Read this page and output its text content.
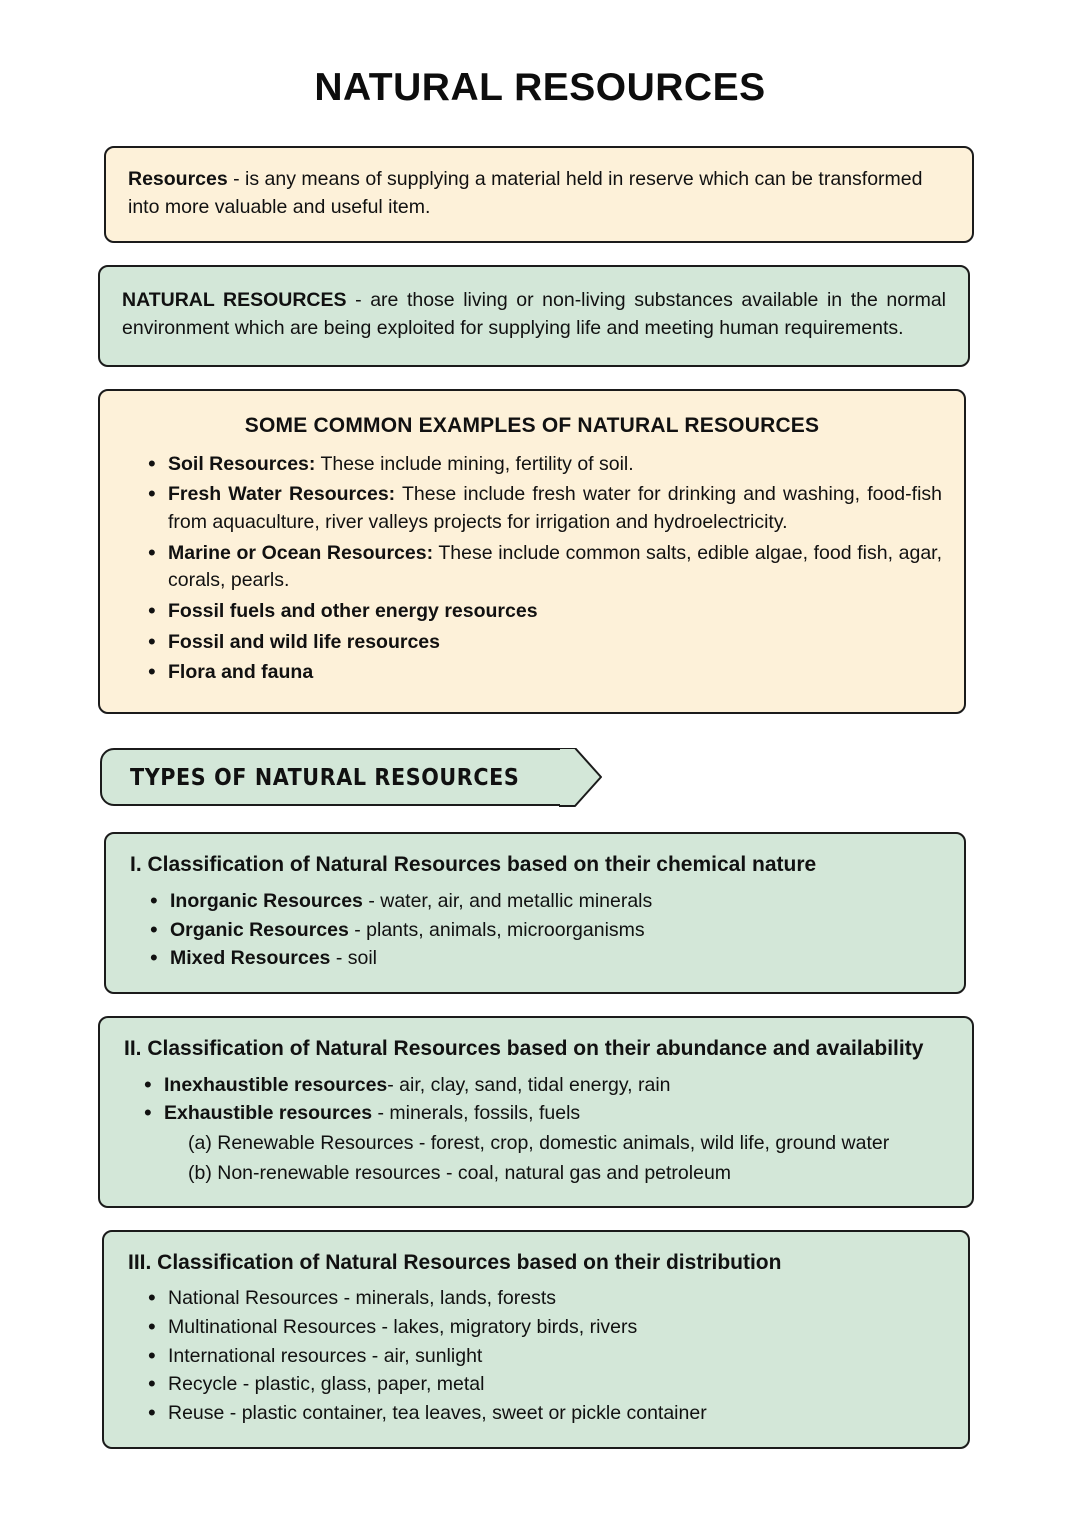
NATURAL RESOURCES
Resources - is any means of supplying a material held in reserve which can be transformed into more valuable and useful item.
NATURAL RESOURCES - are those living or non-living substances available in the normal environment which are being exploited for supplying life and meeting human requirements.
SOME COMMON EXAMPLES OF NATURAL RESOURCES
• Soil Resources: These include mining, fertility of soil.
• Fresh Water Resources: These include fresh water for drinking and washing, food-fish from aquaculture, river valleys projects for irrigation and hydroelectricity.
• Marine or Ocean Resources: These include common salts, edible algae, food fish, agar, corals, pearls.
• Fossil fuels and other energy resources
• Fossil and wild life resources
• Flora and fauna
TYPES OF NATURAL RESOURCES
I. Classification of Natural Resources based on their chemical nature
• Inorganic Resources - water, air, and metallic minerals
• Organic Resources - plants, animals, microorganisms
• Mixed Resources - soil
II. Classification of Natural Resources based on their abundance and availability
• Inexhaustible resources- air, clay, sand, tidal energy, rain
• Exhaustible resources - minerals, fossils, fuels
(a) Renewable Resources - forest, crop, domestic animals, wild life, ground water
(b) Non-renewable resources - coal, natural gas and petroleum
III. Classification of Natural Resources based on their distribution
• National Resources - minerals, lands, forests
• Multinational Resources - lakes, migratory birds, rivers
• International resources - air, sunlight
• Recycle - plastic, glass, paper, metal
• Reuse - plastic container, tea leaves, sweet or pickle container
